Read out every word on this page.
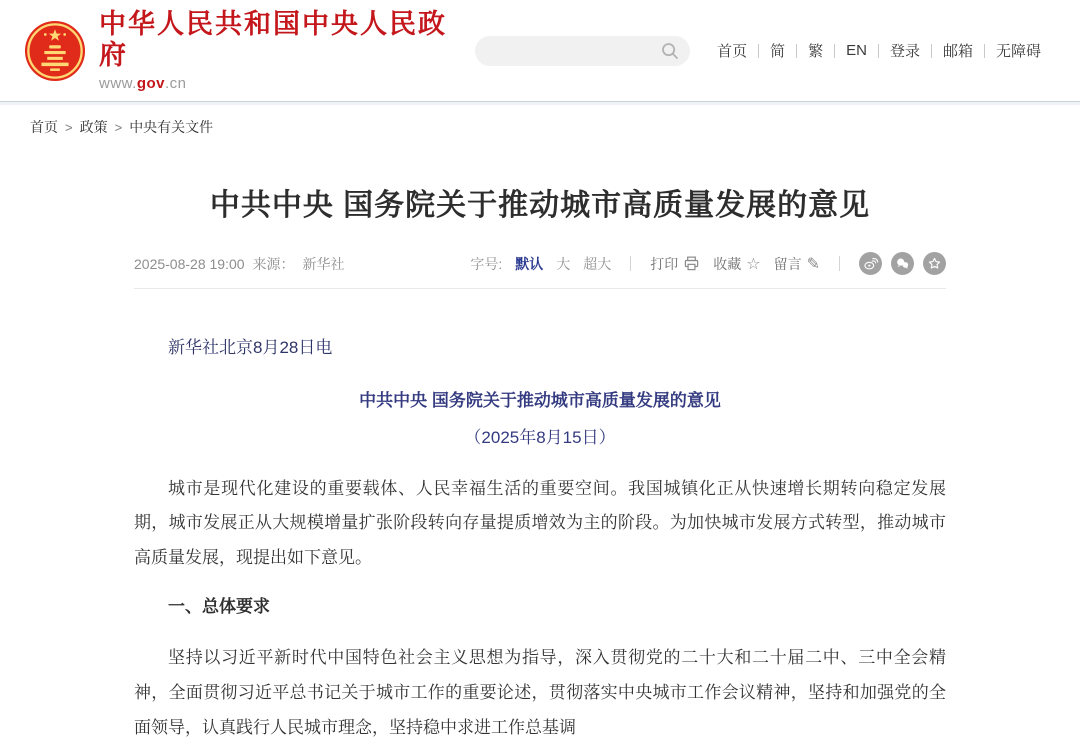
中华人民共和国中央人民政府
www.gov.cn
首页	简	繁	EN	登录	邮箱	无障碍
首页 > 政策 > 中央有关文件
中共中央 国务院关于推动城市高质量发展的意见
2025-08-28 19:00 来源： 新华社	字号: 默认 大 超大	打印	收藏 ☆ 留言 ✎

新华社北京8月28日电

中共中央 国务院关于推动城市高质量发展的意见

（2025年8月15日）

城市是现代化建设的重要载体、人民幸福生活的重要空间。我国城镇化正从快速增长期转向稳定发展期，城市发展正从大规模增量扩张阶段转向存量提质增效为主的阶段。为加快城市发展方式转型，推动城市高质量发展，现提出如下意见。

一、总体要求

坚持以习近平新时代中国特色社会主义思想为指导，深入贯彻党的二十大和二十届二中、三中全会精神，全面贯彻习近平总书记关于城市工作的重要论述，贯彻落实中央城市工作会议精神，坚持和加强党的全面领导，认真践行人民城市理念，坚持稳中求进工作总基调
